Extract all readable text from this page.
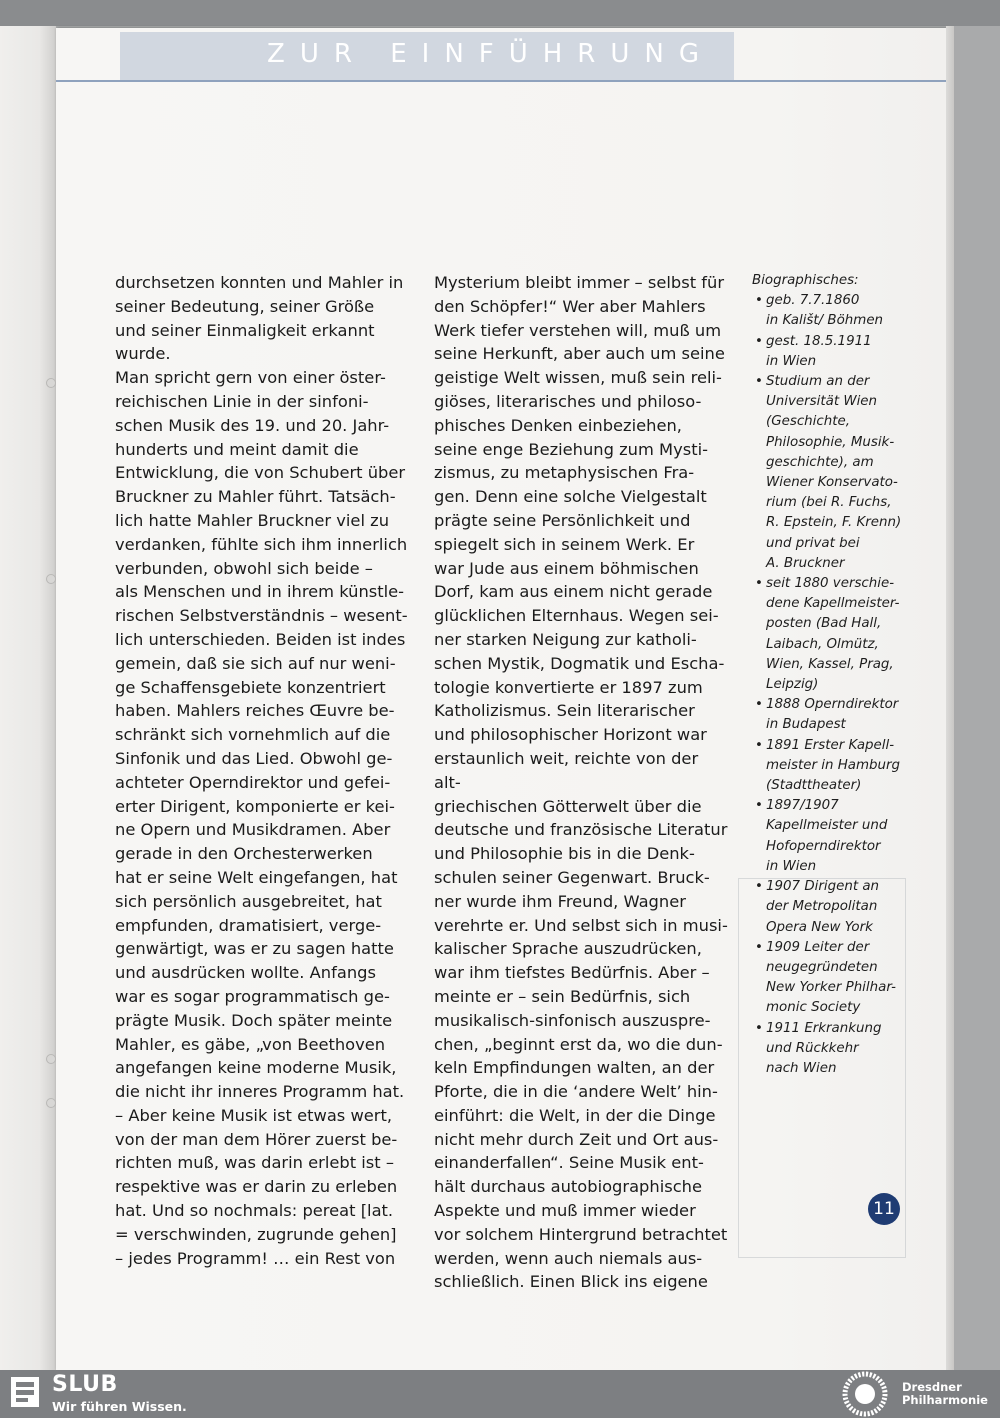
ZUR EINFÜHRUNG

durchsetzen konnten und Mahler in
seiner Bedeutung, seiner Größe
und seiner Einmaligkeit erkannt
wurde.

Man spricht gern von einer öster-
reichischen Linie in der sinfoni-
schen Musik des 19. und 20. Jahr-
hunderts und meint damit die
Entwicklung, die von Schubert über
Bruckner zu Mahler führt. Tatsäch-
lich hatte Mahler Bruckner viel zu
verdanken, fühlte sich ihm innerlich
verbunden, obwohl sich beide –
als Menschen und in ihrem künstle-
rischen Selbstverständnis – wesent-
lich unterschieden. Beiden ist indes
gemein, daß sie sich auf nur weni-
ge Schaffensgebiete konzentriert
haben. Mahlers reiches Œuvre be-
schränkt sich vornehmlich auf die
Sinfonik und das Lied. Obwohl ge-
achteter Operndirektor und gefei-
erter Dirigent, komponierte er kei-
ne Opern und Musikdramen. Aber
gerade in den Orchesterwerken
hat er seine Welt eingefangen, hat
sich persönlich ausgebreitet, hat
empfunden, dramatisiert, verge-
genwärtigt, was er zu sagen hatte
und ausdrücken wollte. Anfangs
war es sogar programmatisch ge-
prägte Musik. Doch später meinte
Mahler, es gäbe, „von Beethoven
angefangen keine moderne Musik,
die nicht ihr inneres Programm hat.
– Aber keine Musik ist etwas wert,
von der man dem Hörer zuerst be-
richten muß, was darin erlebt ist –
respektive was er darin zu erleben
hat. Und so nochmals: pereat [lat.
= verschwinden, zugrunde gehen]
– jedes Programm! … ein Rest von

Mysterium bleibt immer – selbst für
den Schöpfer!“ Wer aber Mahlers
Werk tiefer verstehen will, muß um
seine Herkunft, aber auch um seine
geistige Welt wissen, muß sein reli-
giöses, literarisches und philoso-
phisches Denken einbeziehen,
seine enge Beziehung zum Mysti-
zismus, zu metaphysischen Fra-
gen. Denn eine solche Vielgestalt
prägte seine Persönlichkeit und
spiegelt sich in seinem Werk. Er
war Jude aus einem böhmischen
Dorf, kam aus einem nicht gerade
glücklichen Elternhaus. Wegen sei-
ner starken Neigung zur katholi-
schen Mystik, Dogmatik und Escha-
tologie konvertierte er 1897 zum
Katholizismus. Sein literarischer
und philosophischer Horizont war
erstaunlich weit, reichte von der alt-
griechischen Götterwelt über die
deutsche und französische Literatur
und Philosophie bis in die Denk-
schulen seiner Gegenwart. Bruck-
ner wurde ihm Freund, Wagner
verehrte er. Und selbst sich in musi-
kalischer Sprache auszudrücken,
war ihm tiefstes Bedürfnis. Aber –
meinte er – sein Bedürfnis, sich
musikalisch-sinfonisch auszuspre-
chen, „beginnt erst da, wo die dun-
keln Empfindungen walten, an der
Pforte, die in die ‘andere Welt’ hin-
einführt: die Welt, in der die Dinge
nicht mehr durch Zeit und Ort aus-
einanderfallen“. Seine Musik ent-
hält durchaus autobiographische
Aspekte und muß immer wieder
vor solchem Hintergrund betrachtet
werden, wenn auch niemals aus-
schließlich. Einen Blick ins eigene

Biographisches:

• geb. 7.7.1860
in Kališt/ Böhmen
• gest. 18.5.1911
in Wien
• Studium an der
Universität Wien
(Geschichte,
Philosophie, Musik-
geschichte), am
Wiener Konservato-
rium (bei R. Fuchs,
R. Epstein, F. Krenn)
und privat bei
A. Bruckner
• seit 1880 verschie-
dene Kapellmeister-
posten (Bad Hall,
Laibach, Olmütz,
Wien, Kassel, Prag,
Leipzig)
• 1888 Operndirektor
in Budapest
• 1891 Erster Kapell-
meister in Hamburg
(Stadttheater)
• 1897/1907
Kapellmeister und
Hofoperndirektor
in Wien
• 1907 Dirigent an
der Metropolitan
Opera New York
• 1909 Leiter der
neugegründeten
New Yorker Philhar-
monic Society
• 1911 Erkrankung
und Rückkehr
nach Wien
11
SLUB
Wir führen Wissen.
Dresdner
Philharmonie
